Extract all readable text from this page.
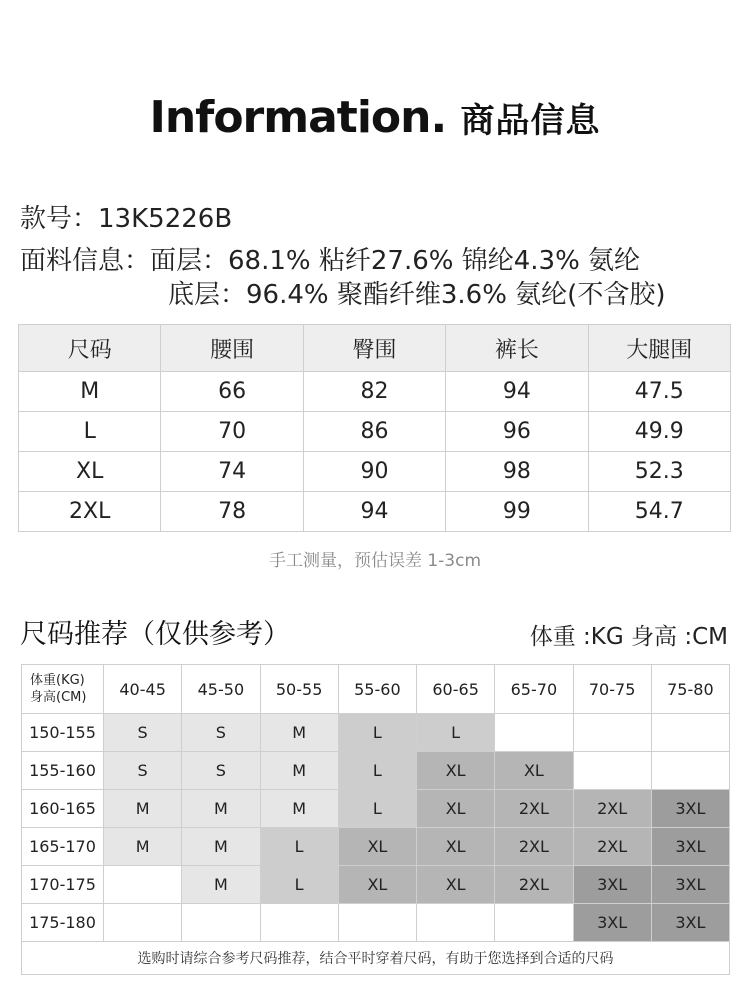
Information. 商品信息
款号：13K5226B
面料信息：面层：68.1% 粘纤27.6% 锦纶4.3% 氨纶
底层：96.4% 聚酯纤维3.6% 氨纶(不含胶)
尺码	腰围	臀围	裤长	大腿围
M	66	82	94	47.5
L	70	86	96	49.9
XL	74	90	98	52.3
2XL	78	94	99	54.7
手工测量，预估误差 1-3cm
尺码推荐（仅供参考）	体重 :KG 身高 :CM
体重(KG)
身高(CM)	40-45	45-50	50-55	55-60	60-65	65-70	70-75	75-80
150-155	S	S	M	L	L			
155-160	S	S	M	L	XL	XL		
160-165	M	M	M	L	XL	2XL	2XL	3XL
165-170	M	M	L	XL	XL	2XL	2XL	3XL
170-175		M	L	XL	XL	2XL	3XL	3XL
175-180							3XL	3XL
选购时请综合参考尺码推荐，结合平时穿着尺码，有助于您选择到合适的尺码								
